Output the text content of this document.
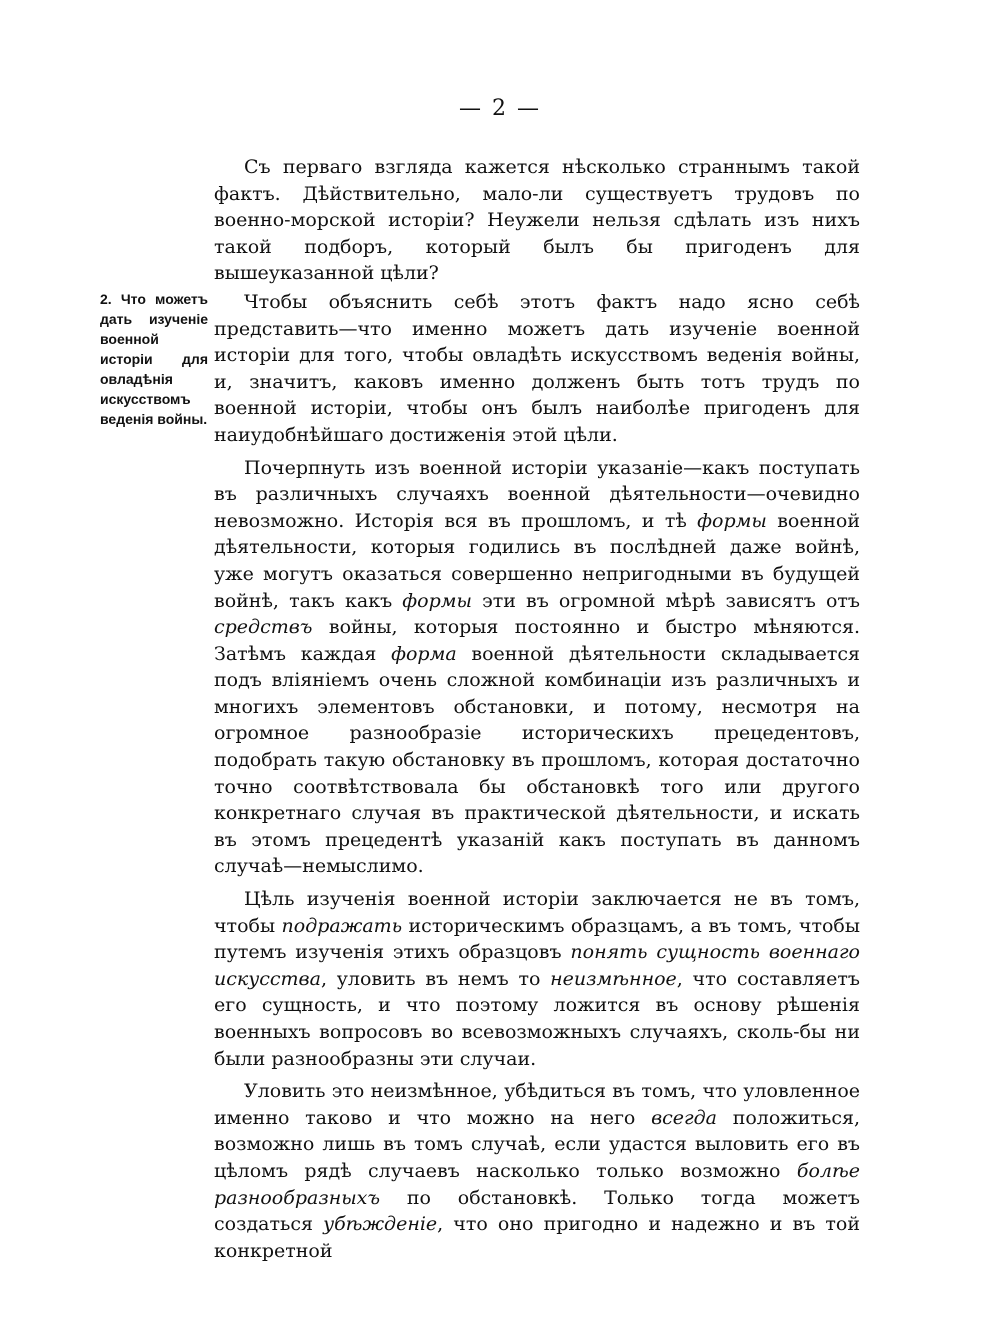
— 2 —
2. Что можетъ дать изученіе военной исторіи для овладѣнія искусствомъ веденія войны.

Съ перваго взгляда кажется нѣсколько страннымъ такой фактъ. Дѣйствительно, мало-ли существуетъ трудовъ по военно-морской исторіи? Неужели нельзя сдѣлать изъ нихъ такой подборъ, который былъ бы пригоденъ для вышеуказанной цѣли?

Чтобы объяснить себѣ этотъ фактъ надо ясно себѣ представить—что именно можетъ дать изученіе военной исторіи для того, чтобы овладѣть искусствомъ веденія войны, и, значитъ, каковъ именно долженъ быть тотъ трудъ по военной исторіи, чтобы онъ былъ наиболѣе пригоденъ для наиудобнѣйшаго достиженія этой цѣли.

Почерпнуть изъ военной исторіи указаніе—какъ поступать въ различныхъ случаяхъ военной дѣятельности—очевидно невозможно. Исторія вся въ прошломъ, и тѣ формы военной дѣятельности, которыя годились въ послѣдней даже войнѣ, уже могутъ оказаться совершенно непригодными въ будущей войнѣ, такъ какъ формы эти въ огромной мѣрѣ зависятъ отъ средствъ войны, которыя постоянно и быстро мѣняются. Затѣмъ каждая форма военной дѣятельности складывается подъ вліяніемъ очень сложной комбинаціи изъ различныхъ и многихъ элементовъ обстановки, и потому, несмотря на огромное разнообразіе историческихъ прецедентовъ, подобрать такую обстановку въ прошломъ, которая достаточно точно соотвѣтствовала бы обстановкѣ того или другого конкретнаго случая въ практической дѣятельности, и искать въ этомъ прецедентѣ указаній какъ поступать въ данномъ случаѣ—немыслимо.

Цѣль изученія военной исторіи заключается не въ томъ, чтобы подражать историческимъ образцамъ, а въ томъ, чтобы путемъ изученія этихъ образцовъ понять сущность военнаго искусства, уловить въ немъ то неизмѣнное, что составляетъ его сущность, и что поэтому ложится въ основу рѣшенія военныхъ вопросовъ во всевозможныхъ случаяхъ, сколь-бы ни были разнообразны эти случаи.

Уловить это неизмѣнное, убѣдиться въ томъ, что уловленное именно таково и что можно на него всегда положиться, возможно лишь въ томъ случаѣ, если удастся выловить его въ цѣломъ рядѣ случаевъ насколько только возможно болѣе разнообразныхъ по обстановкѣ. Только тогда можетъ создаться убѣжденіе, что оно пригодно и надежно и въ той конкретной
